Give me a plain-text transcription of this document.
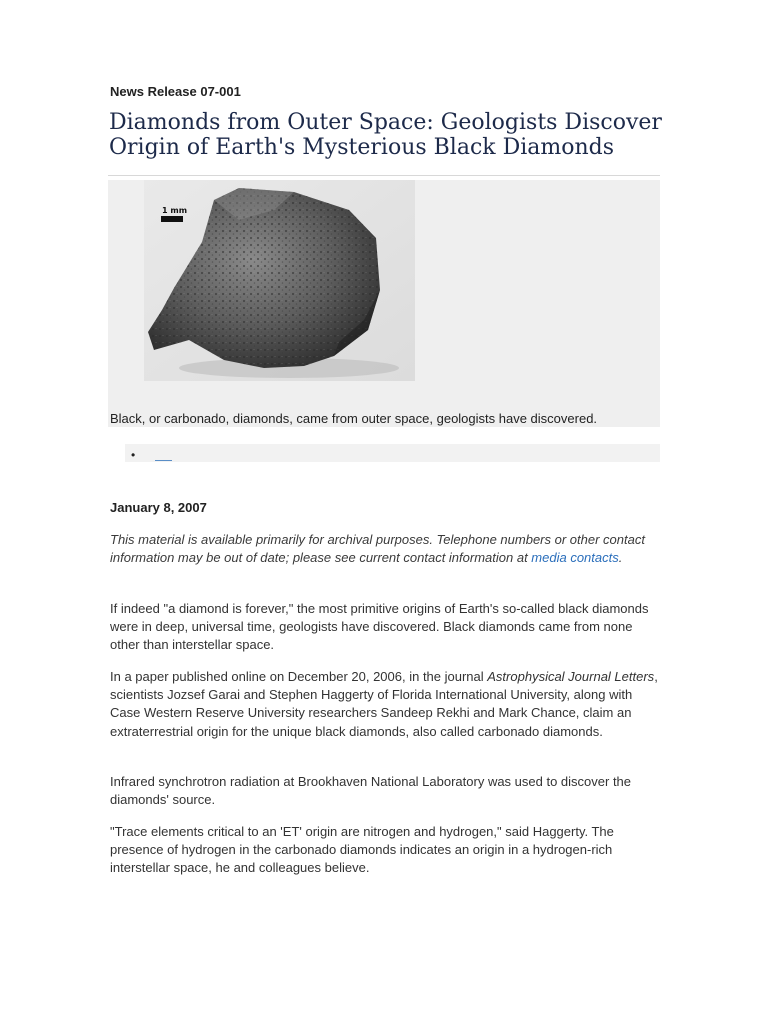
News Release 07-001
Diamonds from Outer Space: Geologists Discover Origin of Earth's Mysterious Black Diamonds
1 mm
Black, or carbonado, diamonds, came from outer space, geologists have discovered.
•
January 8, 2007

This material is available primarily for archival purposes. Telephone numbers or other contact information may be out of date; please see current contact information at media contacts.

If indeed "a diamond is forever," the most primitive origins of Earth's so-called black diamonds were in deep, universal time, geologists have discovered. Black diamonds came from none other than interstellar space.

In a paper published online on December 20, 2006, in the journal Astrophysical Journal Letters, scientists Jozsef Garai and Stephen Haggerty of Florida International University, along with Case Western Reserve University researchers Sandeep Rekhi and Mark Chance, claim an extraterrestrial origin for the unique black diamonds, also called carbonado diamonds.

Infrared synchrotron radiation at Brookhaven National Laboratory was used to discover the diamonds' source.

"Trace elements critical to an 'ET' origin are nitrogen and hydrogen," said Haggerty. The presence of hydrogen in the carbonado diamonds indicates an origin in a hydrogen-rich interstellar space, he and colleagues believe.
